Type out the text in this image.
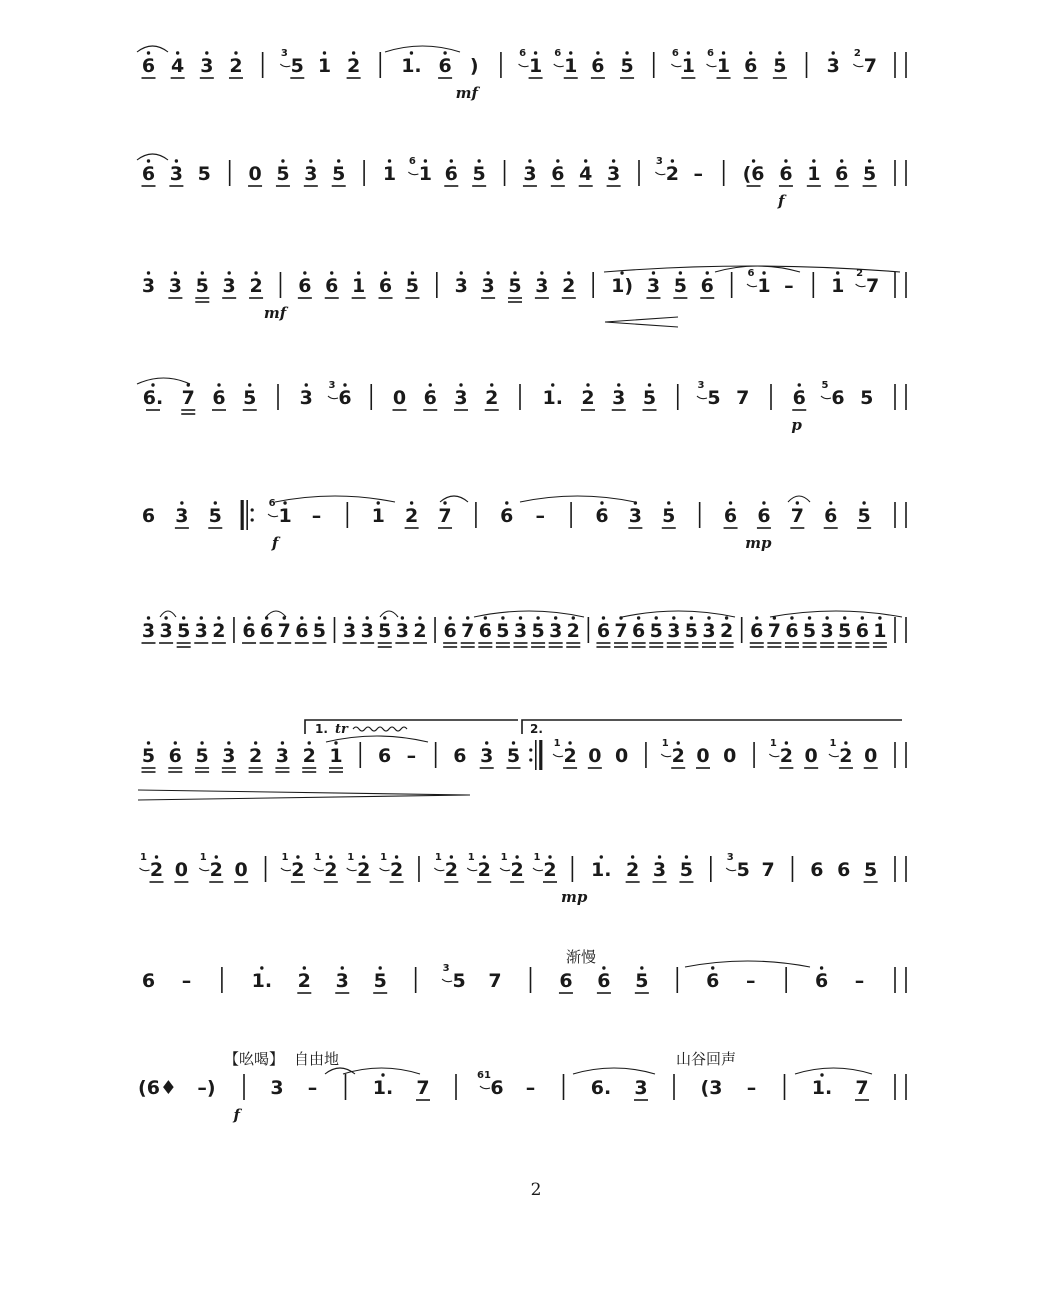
6 4 3 2	5
3
1 2 1. 6 )	1
6
1
6
6 5	1
6
1
6
6 5 3 7
2
6 3 5 0 5 3 5 1 1
6
6 5 3 6 4 3 2
3
– (6 6 1 6 5
3 3 5 3 2 6 6 1 6 5 3 3 5 3 2 1) 3 5 6 1
6
– 1 7
2
6. 7 6 5 3 6
3
0 6 3 2 1. 2 3 5	5
3
7 6 6
5
5
6 3 5	1
6
–	1 2 7	6 –	6 3 5	6 6 7 6 5
3 3 5 3 2 6 6 7 6 5 3 3 5 3 2 6 7 6 5 3 5 3 2 6 7 6 5 3 5 3 2 6 7 6 5 3 5 6 1
5 6 5 3 2 3 2 1 6 – 6 3 5 2
1
0 0 2
1
0 0 2
1
0 2
1
0
2
1
0 2
1
0 2
1
2
1
2
1
2
1
2
1
2
1
2
1
2
1
1. 2 3 5 5
3
7 6 6 5
6 –	1. 2 3 5	5
3
7	6 6 5	6 –	6 –
(6♦ –)	3 –	1. 7	6
61
–	6. 3	(3 –	1. 7
mf
f
mf
p
f	mp
mp
f
1. tr	2.
渐慢
【吆喝】 自由地	山谷回声
2
